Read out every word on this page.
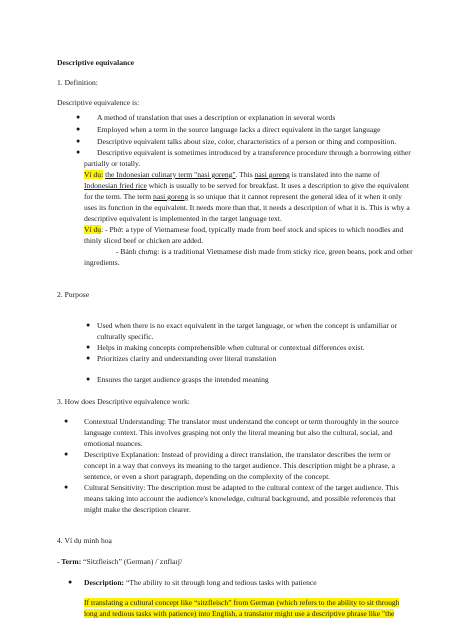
Descriptive equivalance
1. Definition:
Descriptive equivalence is:
● A method of translation that uses a description or explanation in several words
● Employed when a term in the source language lacks a direct equivalent in the target language
● Descriptive equivalent talks about size, color, characteristics of a person or thing and composition.
● Descriptive equivalent is sometimes introduced by a transference procedure through a borrowing either
partially or totally.
Ví dụ: the Indonesian culinary term "nasi goreng". This nasi goreng is translated into the name of
Indonesian fried rice which is usually to be served for breakfast. It uses a description to give the equivalent
for the term. The term nasi goreng is so unique that it cannot represent the general idea of it when it only
uses its function in the equivalent. It needs more than that, it needs a description of what it is. This is why a
descriptive equivalent is implemented in the target language text.
Ví dụ: - Phở: a type of Vietnamese food, typically made from beef stock and spices to which noodles and
thinly sliced beef or chicken are added.
- Bánh chưng: is a traditional Vietnamese dish made from sticky rice, green beans, pork and other
ingredients.
2. Purpose
● Used when there is no exact equivalent in the target language, or when the concept is unfamiliar or
culturally specific.
● Helps in making concepts comprehensible when cultural or contextual differences exist.
● Prioritizes clarity and understanding over literal translation
● Ensures the target audience grasps the intended meaning
3. How does Descriptive equivalence work:
● Contextual Understanding: The translator must understand the concept or term thoroughly in the source
language context. This involves grasping not only the literal meaning but also the cultural, social, and
emotional nuances.
● Descriptive Explanation: Instead of providing a direct translation, the translator describes the term or
concept in a way that conveys its meaning to the target audience. This description might be a phrase, a
sentence, or even a short paragraph, depending on the complexity of the concept.
● Cultural Sensitivity: The description must be adapted to the cultural context of the target audience. This
means taking into account the audience's knowledge, cultural background, and possible references that
might make the description clearer.
4. Ví dụ minh hoạ
- Term: “Sitzfleisch” (German) /ˈzɪtflaɪʃ/
● Description: “The ability to sit through long and tedious tasks with patience
If translating a cultural concept like “sitzfleisch” from German (which refers to the ability to sit through
long and tedious tasks with patience) into English, a translator might use a descriptive phrase like "the
